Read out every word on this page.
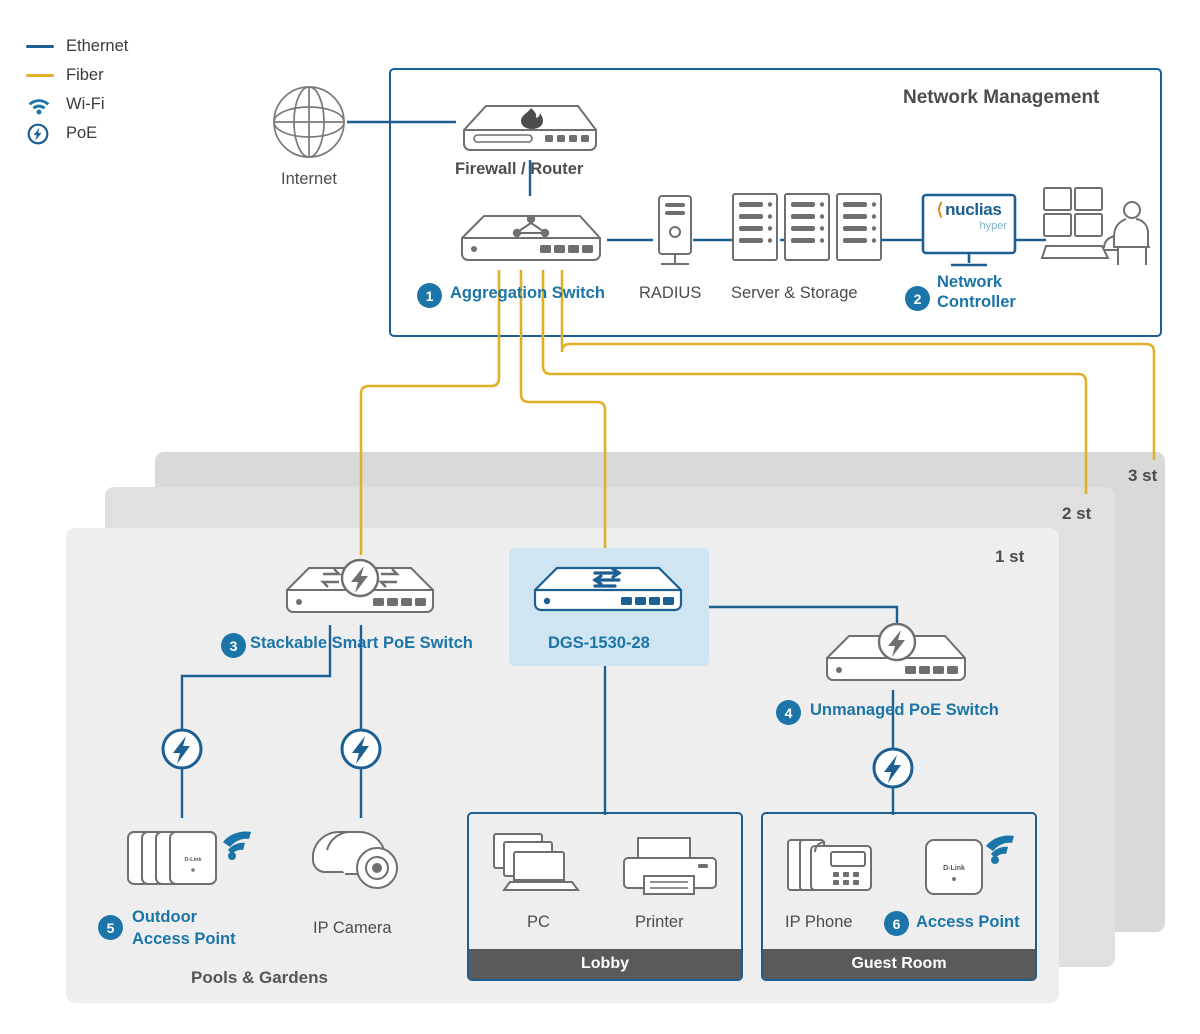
3 st
2 st
1 st
Network Management
Ethernet
Fiber
Wi-Fi
PoE
Internet
Firewall / Router
1	Aggregation Switch RADIUS Server & Storage
⟨ nuclias
hyper
2
Network
Controller
3 Stackable Smart PoE Switch	DGS-1530-28
4	Unmanaged PoE Switch
D-Link
5
Outdoor
Access Point
IP Camera
Lobby
PC	Printer
Guest Room
IP Phone
D-Link
6 Access Point
Pools & Gardens
